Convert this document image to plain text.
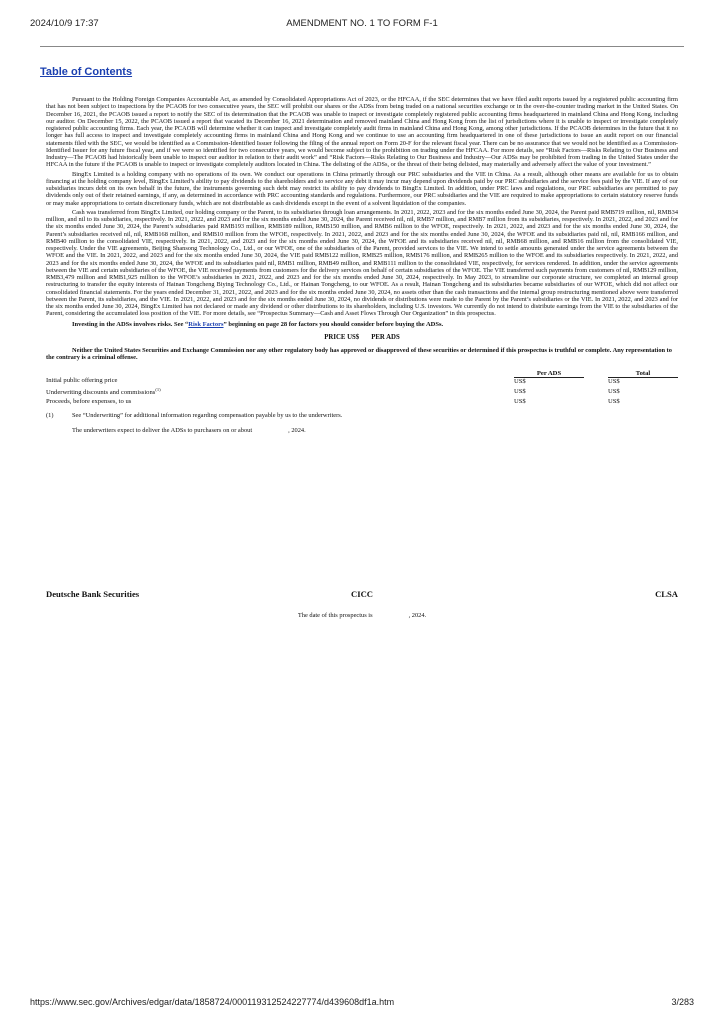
2024/10/9 17:37	AMENDMENT NO. 1 TO FORM F-1
Table of Contents

Pursuant to the Holding Foreign Companies Accountable Act, as amended by Consolidated Appropriations Act of 2023, or the HFCAA, if the SEC determines that we have filed audit reports issued by a registered public accounting firm that has not been subject to inspections by the PCAOB for two consecutive years, the SEC will prohibit our shares or the ADSs from being traded on a national securities exchange or in the over-the-counter trading market in the United States. On December 16, 2021, the PCAOB issued a report to notify the SEC of its determination that the PCAOB was unable to inspect or investigate completely registered public accounting firms headquartered in mainland China and Hong Kong, including our auditor. On December 15, 2022, the PCAOB issued a report that vacated its December 16, 2021 determination and removed mainland China and Hong Kong from the list of jurisdictions where it is unable to inspect or investigate completely registered public accounting firms. Each year, the PCAOB will determine whether it can inspect and investigate completely audit firms in mainland China and Hong Kong, among other jurisdictions. If the PCAOB determines in the future that it no longer has full access to inspect and investigate completely accounting firms in mainland China and Hong Kong and we continue to use an accounting firm headquartered in one of these jurisdictions to issue an audit report on our financial statements filed with the SEC, we would be identified as a Commission-Identified Issuer following the filing of the annual report on Form 20-F for the relevant fiscal year. There can be no assurance that we would not be identified as a Commission-Identified Issuer for any future fiscal year, and if we were so identified for two consecutive years, we would become subject to the prohibition on trading under the HFCAA. For more details, see “Risk Factors—Risks Relating to Our Business and Industry—The PCAOB had historically been unable to inspect our auditor in relation to their audit work” and “Risk Factors—Risks Relating to Our Business and Industry—Our ADSs may be prohibited from trading in the United States under the HFCAA in the future if the PCAOB is unable to inspect or investigate completely auditors located in China. The delisting of the ADSs, or the threat of their being delisted, may materially and adversely affect the value of your investment.”

BingEx Limited is a holding company with no operations of its own. We conduct our operations in China primarily through our PRC subsidiaries and the VIE in China. As a result, although other means are available for us to obtain financing at the holding company level, BingEx Limited’s ability to pay dividends to the shareholders and to service any debt it may incur may depend upon dividends paid by our PRC subsidiaries and the service fees paid by the VIE. If any of our subsidiaries incurs debt on its own behalf in the future, the instruments governing such debt may restrict its ability to pay dividends to BingEx Limited. In addition, under PRC laws and regulations, our PRC subsidiaries are permitted to pay dividends only out of their retained earnings, if any, as determined in accordance with PRC accounting standards and regulations. Furthermore, our PRC subsidiaries and the VIE are required to make appropriations to certain statutory reserve funds or may make appropriations to certain discretionary funds, which are not distributable as cash dividends except in the event of a solvent liquidation of the companies.

Cash was transferred from BingEx Limited, our holding company or the Parent, to its subsidiaries through loan arrangements. In 2021, 2022, 2023 and for the six months ended June 30, 2024, the Parent paid RMB719 million, nil, RMB34 million, and nil to its subsidiaries, respectively. In 2021, 2022, and 2023 and for the six months ended June 30, 2024, the Parent received nil, nil, RMB7 million, and RMB7 million from its subsidiaries, respectively. In 2021, 2022, and 2023 and for the six months ended June 30, 2024, the Parent’s subsidiaries paid RMB193 million, RMB189 million, RMB150 million, and RMB6 million to the WFOE, respectively. In 2021, 2022, and 2023 and for the six months ended June 30, 2024, the Parent’s subsidiaries received nil, nil, RMB168 million, and RMB10 million from the WFOE, respectively. In 2021, 2022, and 2023 and for the six months ended June 30, 2024, the WFOE and its subsidiaries paid nil, nil, RMB166 million, and RMB40 million to the consolidated VIE, respectively. In 2021, 2022, and 2023 and for the six months ended June 30, 2024, the WFOE and its subsidiaries received nil, nil, RMB68 million, and RMB16 million from the consolidated VIE, respectively. Under the VIE agreements, Beijing Shansong Technology Co., Ltd., or our WFOE, one of the subsidiaries of the Parent, provided services to the VIE. We intend to settle amounts generated under the service agreements between the WFOE and the VIE. In 2021, 2022, and 2023 and for the six months ended June 30, 2024, the VIE paid RMB122 million, RMB25 million, RMB176 million, and RMB265 million to the WFOE and its subsidiaries respectively. In 2021, 2022, and 2023 and for the six months ended June 30, 2024, the WFOE and its subsidiaries paid nil, RMB1 million, RMB49 million, and RMB111 million to the consolidated VIE, respectively, for services rendered. In addition, under the service agreements between the VIE and certain subsidiaries of the WFOE, the VIE received payments from customers for the delivery services on behalf of certain subsidiaries of the WFOE. The VIE transferred such payments from customers of nil, RMB129 million, RMB3,479 million and RMB1,925 million to the WFOE’s subsidiaries in 2021, 2022, and 2023 and for the six months ended June 30, 2024, respectively. In May 2023, to streamline our corporate structure, we completed an internal group restructuring to transfer the equity interests of Hainan Tongcheng Biying Technology Co., Ltd., or Hainan Tongcheng, to our WFOE. As a result, Hainan Tongcheng and its subsidiaries became subsidiaries of our WFOE, which did not affect our consolidated financial statements. For the years ended December 31, 2021, 2022, and 2023 and for the six months ended June 30, 2024, no assets other than the cash transactions and the internal group restructuring mentioned above were transferred between the Parent, its subsidiaries, and the VIE. In 2021, 2022, and 2023 and for the six months ended June 30, 2024, no dividends or distributions were made to the Parent by the Parent’s subsidiaries or the VIE. In 2021, 2022, and 2023 and for the six months ended June 30, 2024, BingEx Limited has not declared or made any dividend or other distributions to its shareholders, including U.S. investors. We currently do not intend to distribute earnings from the VIE to the subsidiaries of the Parent, considering the accumulated loss position of the VIE. For more details, see “Prospectus Summary—Cash and Asset Flows Through Our Organization” in this prospectus.

Investing in the ADSs involves risks. See “Risk Factors” beginning on page 28 for factors you should consider before buying the ADSs.
PRICE US$ PER ADS
Neither the United States Securities and Exchange Commission nor any other regulatory body has approved or disapproved of these securities or determined if this prospectus is truthful or complete. Any representation to the contrary is a criminal offense.
	Per ADS		Total
Initial public offering price	US$		US$
Underwriting discounts and commissions$^{(1)}$	US$		US$
Proceeds, before expenses, to us	US$		US$
(1)	See “Underwriting” for additional information regarding compensation payable by us to the underwriters.
The underwriters expect to deliver the ADSs to purchasers on or about	, 2024.
Deutsche Bank Securities	CICC	CLSA
The date of this prospectus is	, 2024.
https://www.sec.gov/Archives/edgar/data/1858724/000119312524227774/d439608df1a.htm	3/283
